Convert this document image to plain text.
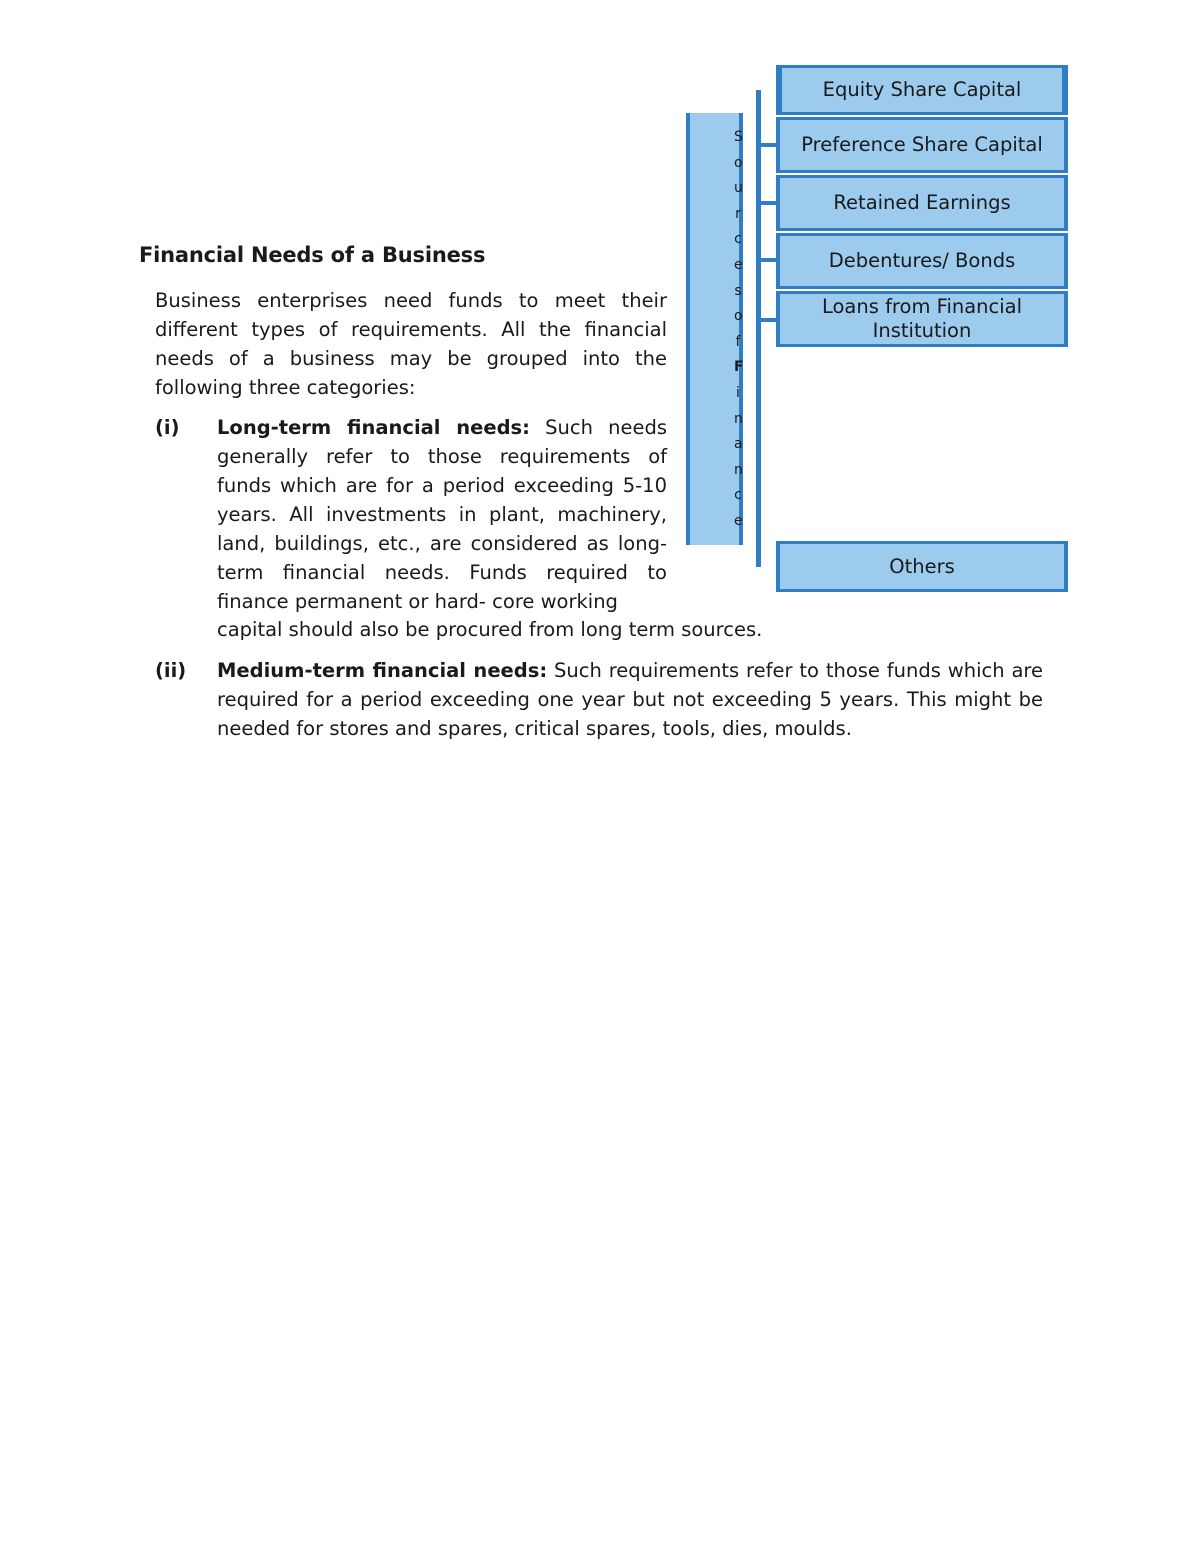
Financial Needs of a Business

Business enterprises need funds to meet their different types of requirements. All the financial needs of a business may be grouped into the following three categories:

(i) Long-term financial needs: Such needs generally refer to those requirements of funds which are for a period exceeding 5-10 years. All investments in plant, machinery, land, buildings, etc., are considered as long-term financial needs. Funds required to finance permanent or hard- core working
capital should also be procured from long term sources.
(ii) Medium-term financial needs: Such requirements refer to those funds which are required for a period exceeding one year but not exceeding 5 years. This might be needed for stores and spares, critical spares, tools, dies, moulds.
S
o
u
r
c
e
s
o
f
F
i
n
a
n
c
e
Equity Share Capital
Preference Share Capital
Retained Earnings
Debentures/ Bonds
Loans from Financial Institution
Others
